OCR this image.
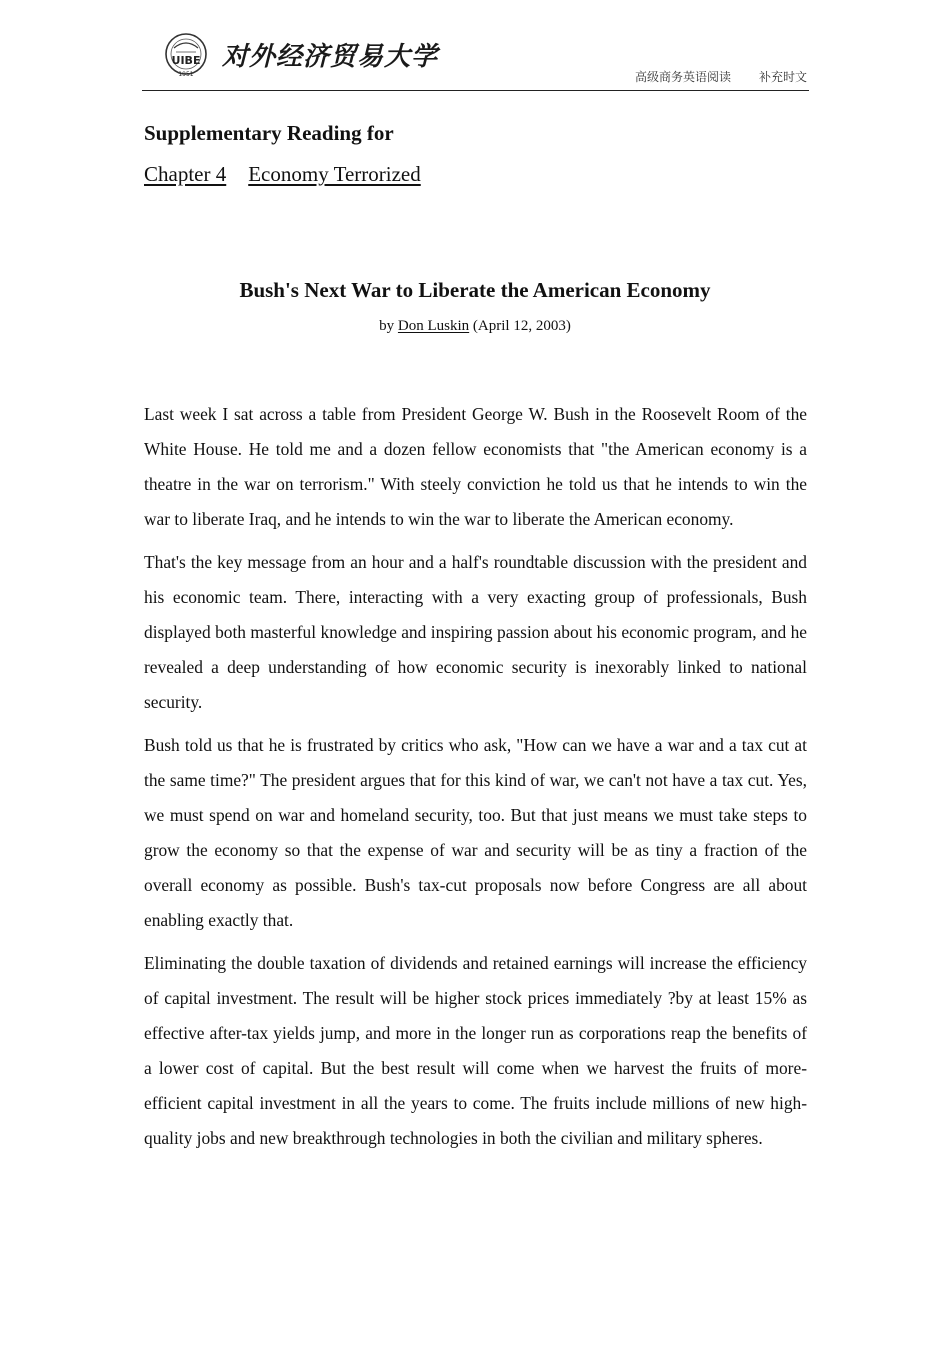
UIBE
1951
对外经济贸易大学
高级商务英语阅读 补充时文
Supplementary Reading for
Chapter 4 Economy Terrorized
Bush's Next War to Liberate the American Economy
by Don Luskin (April 12, 2003)

Last week I sat across a table from President George W. Bush in the Roosevelt Room of the White House. He told me and a dozen fellow economists that "the American economy is a theatre in the war on terrorism." With steely conviction he told us that he intends to win the war to liberate Iraq, and he intends to win the war to liberate the American economy.

That's the key message from an hour and a half's roundtable discussion with the president and his economic team. There, interacting with a very exacting group of professionals, Bush displayed both masterful knowledge and inspiring passion about his economic program, and he revealed a deep understanding of how economic security is inexorably linked to national security.

Bush told us that he is frustrated by critics who ask, "How can we have a war and a tax cut at the same time?" The president argues that for this kind of war, we can't not have a tax cut. Yes, we must spend on war and homeland security, too. But that just means we must take steps to grow the economy so that the expense of war and security will be as tiny a fraction of the overall economy as possible. Bush's tax-cut proposals now before Congress are all about enabling exactly that.

Eliminating the double taxation of dividends and retained earnings will increase the efficiency of capital investment. The result will be higher stock prices immediately ?by at least 15% as effective after-tax yields jump, and more in the longer run as corporations reap the benefits of a lower cost of capital. But the best result will come when we harvest the fruits of more-efficient capital investment in all the years to come. The fruits include millions of new high-quality jobs and new breakthrough technologies in both the civilian and military spheres.
